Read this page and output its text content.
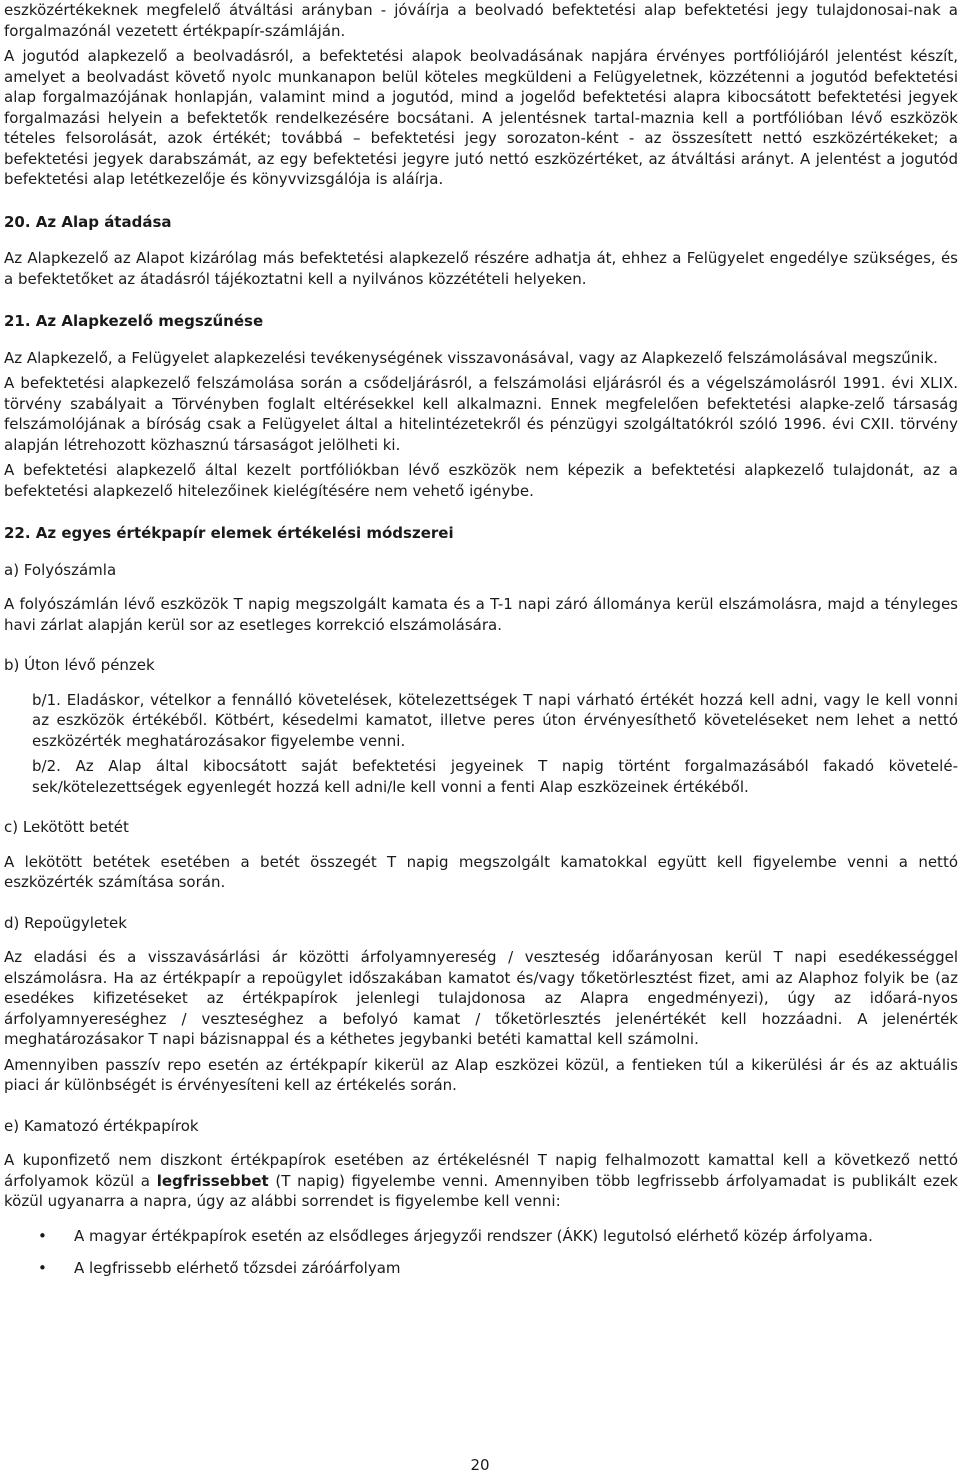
eszközértékeknek megfelelő átváltási arányban - jóváírja a beolvadó befektetési alap befektetési jegy tulajdonosai-nak a forgalmazónál vezetett értékpapír-számláján.

A jogutód alapkezelő a beolvadásról, a befektetési alapok beolvadásának napjára érvényes portfóliójáról jelentést készít, amelyet a beolvadást követő nyolc munkanapon belül köteles megküldeni a Felügyeletnek, közzétenni a jogutód befektetési alap forgalmazójának honlapján, valamint mind a jogutód, mind a jogelőd befektetési alapra kibocsátott befektetési jegyek forgalmazási helyein a befektetők rendelkezésére bocsátani. A jelentésnek tartal-maznia kell a portfólióban lévő eszközök tételes felsorolását, azok értékét; továbbá – befektetési jegy sorozaton-ként - az összesített nettó eszközértékeket; a befektetési jegyek darabszámát, az egy befektetési jegyre jutó nettó eszközértéket, az átváltási arányt. A jelentést a jogutód befektetési alap letétkezelője és könyvvizsgálója is aláírja.

20. Az Alap átadása

Az Alapkezelő az Alapot kizárólag más befektetési alapkezelő részére adhatja át, ehhez a Felügyelet engedélye szükséges, és a befektetőket az átadásról tájékoztatni kell a nyilvános közzétételi helyeken.

21. Az Alapkezelő megszűnése

Az Alapkezelő, a Felügyelet alapkezelési tevékenységének visszavonásával, vagy az Alapkezelő felszámolásával megszűnik.

A befektetési alapkezelő felszámolása során a csődeljárásról, a felszámolási eljárásról és a végelszámolásról 1991. évi XLIX. törvény szabályait a Törvényben foglalt eltérésekkel kell alkalmazni. Ennek megfelelően befektetési alapke-zelő társaság felszámolójának a bíróság csak a Felügyelet által a hitelintézetekről és pénzügyi szolgáltatókról szóló 1996. évi CXII. törvény alapján létrehozott közhasznú társaságot jelölheti ki.

A befektetési alapkezelő által kezelt portfóliókban lévő eszközök nem képezik a befektetési alapkezelő tulajdonát, az a befektetési alapkezelő hitelezőinek kielégítésére nem vehető igénybe.

22. Az egyes értékpapír elemek értékelési módszerei

a) Folyószámla

A folyószámlán lévő eszközök T napig megszolgált kamata és a T-1 napi záró állománya kerül elszámolásra, majd a tényleges havi zárlat alapján kerül sor az esetleges korrekció elszámolására.

b) Úton lévő pénzek

b/1. Eladáskor, vételkor a fennálló követelések, kötelezettségek T napi várható értékét hozzá kell adni, vagy le kell vonni az eszközök értékéből. Kötbért, késedelmi kamatot, illetve peres úton érvényesíthető követeléseket nem lehet a nettó eszközérték meghatározásakor figyelembe venni.

b/2. Az Alap által kibocsátott saját befektetési jegyeinek T napig történt forgalmazásából fakadó követelé-sek/kötelezettségek egyenlegét hozzá kell adni/le kell vonni a fenti Alap eszközeinek értékéből.

c) Lekötött betét

A lekötött betétek esetében a betét összegét T napig megszolgált kamatokkal együtt kell figyelembe venni a nettó eszközérték számítása során.

d) Repoügyletek

Az eladási és a visszavásárlási ár közötti árfolyamnyereség / veszteség időarányosan kerül T napi esedékességgel elszámolásra. Ha az értékpapír a repoügylet időszakában kamatot és/vagy tőketörlesztést fizet, ami az Alaphoz folyik be (az esedékes kifizetéseket az értékpapírok jelenlegi tulajdonosa az Alapra engedményezi), úgy az időará-nyos árfolyamnyereséghez / veszteséghez a befolyó kamat / tőketörlesztés jelenértékét kell hozzáadni. A jelenérték meghatározásakor T napi bázisnappal és a kéthetes jegybanki betéti kamattal kell számolni.

Amennyiben passzív repo esetén az értékpapír kikerül az Alap eszközei közül, a fentieken túl a kikerülési ár és az aktuális piaci ár különbségét is érvényesíteni kell az értékelés során.

e) Kamatozó értékpapírok

A kuponfizető nem diszkont értékpapírok esetében az értékelésnél T napig felhalmozott kamattal kell a következő nettó árfolyamok közül a legfrissebbet (T napig) figyelembe venni. Amennyiben több legfrissebb árfolyamadat is publikált ezek közül ugyanarra a napra, úgy az alábbi sorrendet is figyelembe kell venni:

• A magyar értékpapírok esetén az elsődleges árjegyzői rendszer (ÁKK) legutolsó elérhető közép árfolyama.
• A legfrissebb elérhető tőzsdei záróárfolyam
20
